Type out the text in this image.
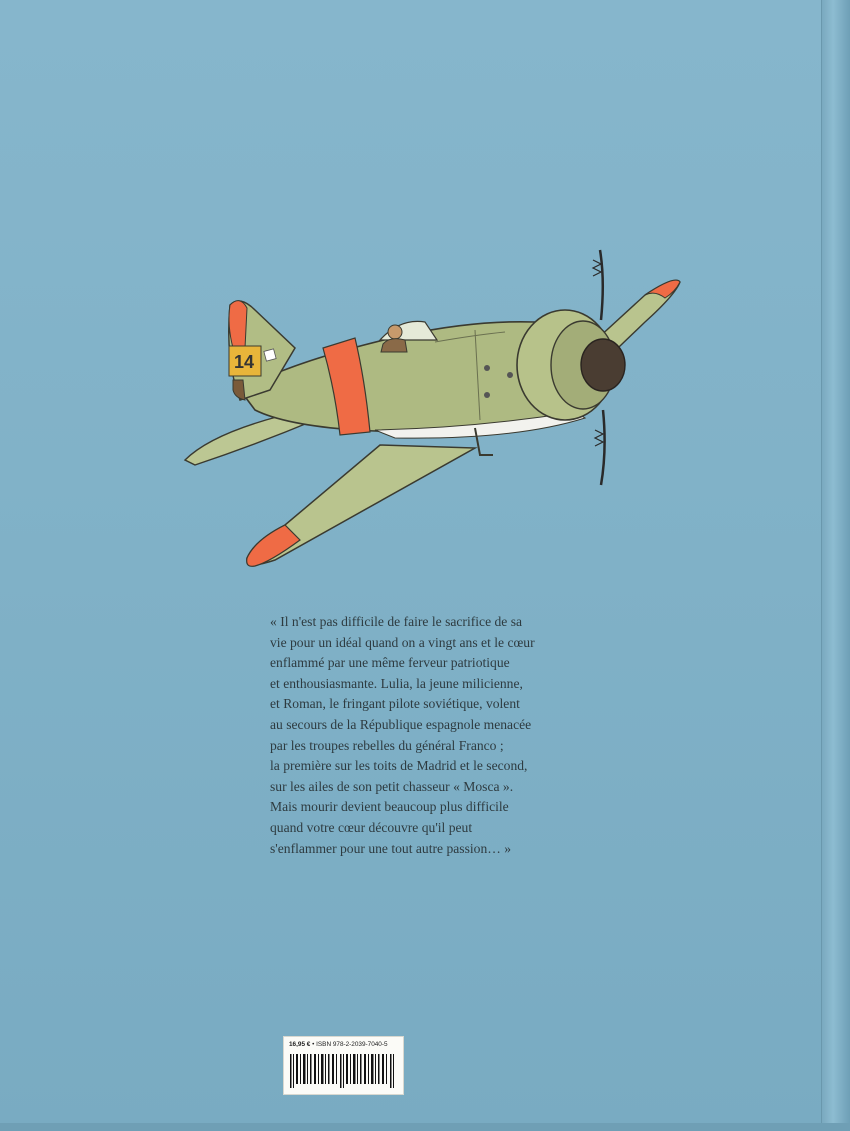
14

« Il n'est pas difficile de faire le sacrifice de sa
vie pour un idéal quand on a vingt ans et le cœur
enflammé par une même ferveur patriotique
et enthousiasmante. Lulia, la jeune milicienne,
et Roman, le fringant pilote soviétique, volent
au secours de la République espagnole menacée
par les troupes rebelles du général Franco ;
la première sur les toits de Madrid et le second,
sur les ailes de son petit chasseur « Mosca ».
Mais mourir devient beaucoup plus difficile
quand votre cœur découvre qu'il peut
s'enflammer pour une tout autre passion… »

16,95 € • ISBN 978-2-2039-7040-5
